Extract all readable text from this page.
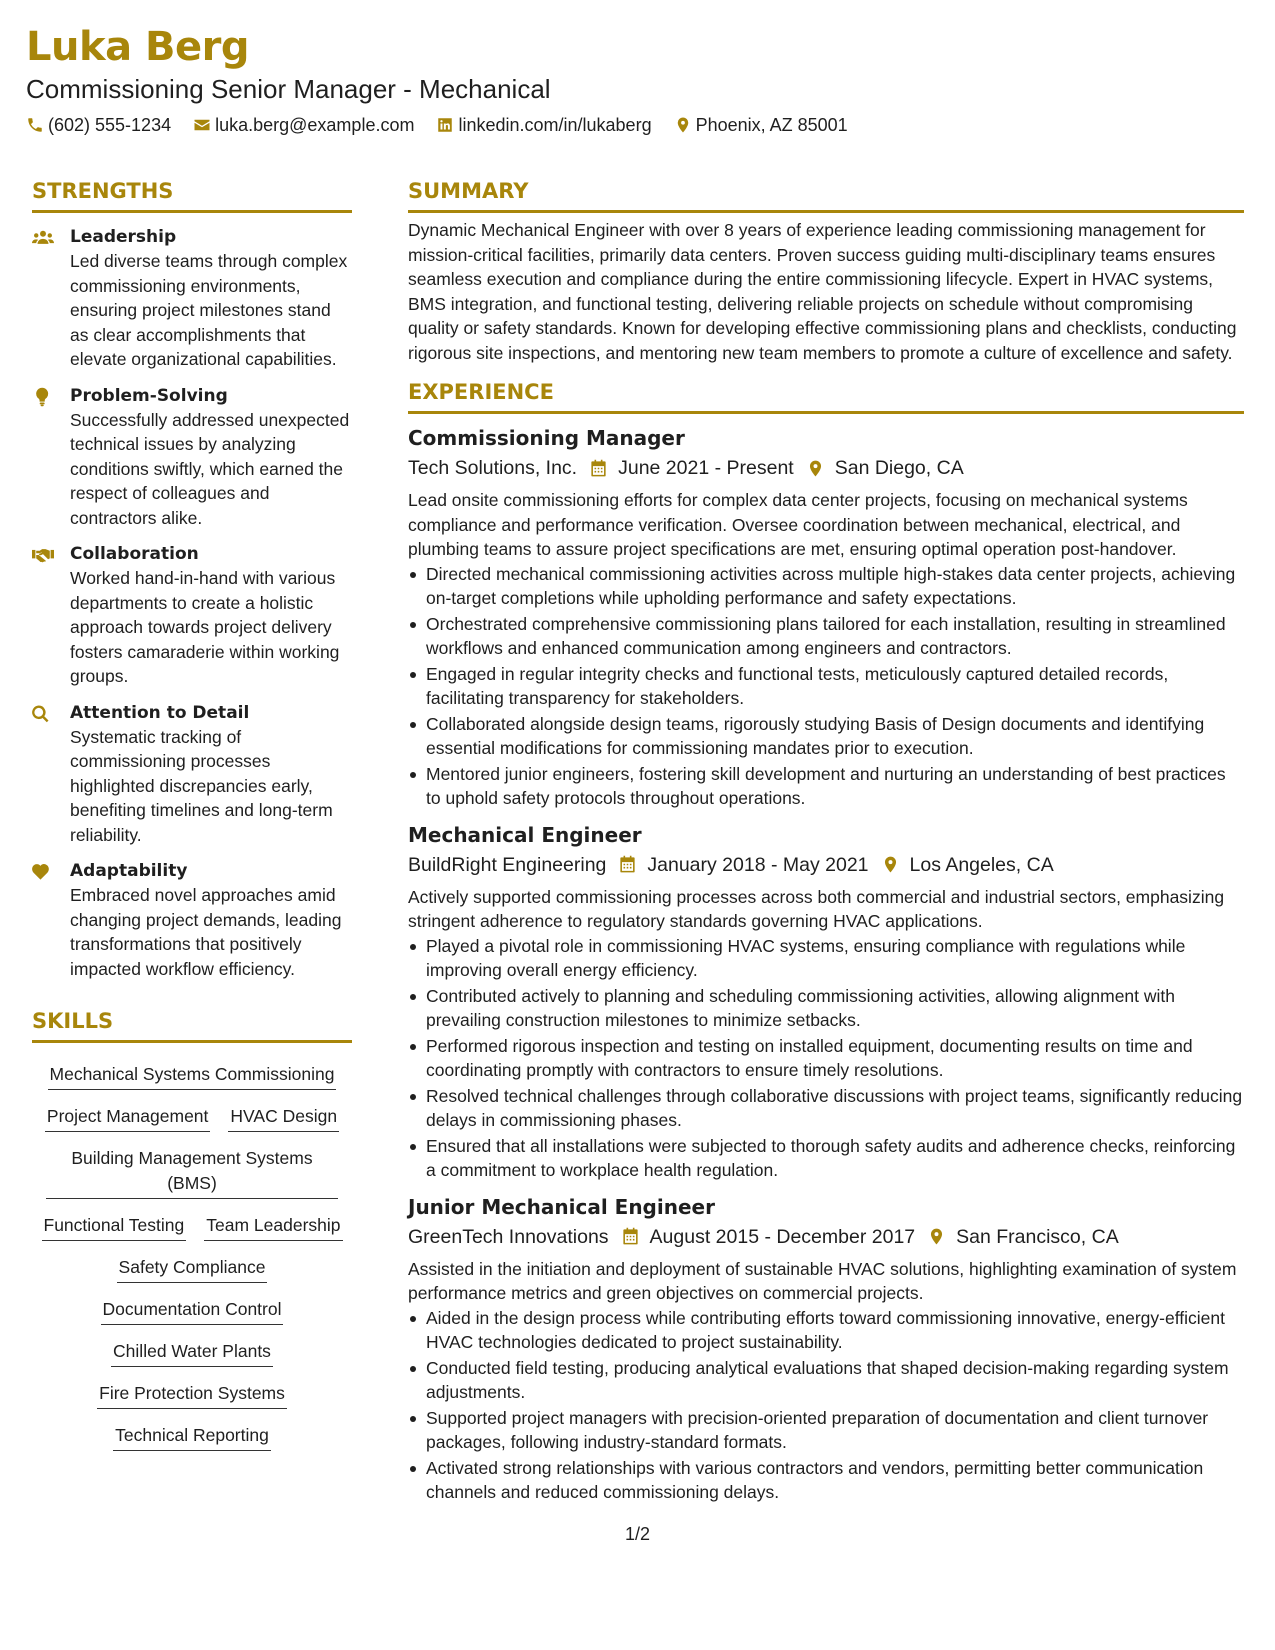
Luka Berg
Commissioning Senior Manager - Mechanical
(602) 555-1234 luka.berg@example.com linkedin.com/in/lukaberg Phoenix, AZ 85001
STRENGTHS
Leadership
Led diverse teams through complex commissioning environments, ensuring project milestones stand as clear accomplishments that elevate organizational capabilities.
Problem-Solving
Successfully addressed unexpected technical issues by analyzing conditions swiftly, which earned the respect of colleagues and contractors alike.
Collaboration
Worked hand-in-hand with various departments to create a holistic approach towards project delivery fosters camaraderie within working groups.
Attention to Detail
Systematic tracking of commissioning processes highlighted discrepancies early, benefiting timelines and long-term reliability.
Adaptability
Embraced novel approaches amid changing project demands, leading transformations that positively impacted workflow efficiency.
SKILLS
Mechanical Systems Commissioning
Project Management HVAC Design
Building Management Systems (BMS)
Functional Testing Team Leadership
Safety Compliance
Documentation Control
Chilled Water Plants
Fire Protection Systems
Technical Reporting
SUMMARY
Dynamic Mechanical Engineer with over 8 years of experience leading commissioning management for mission-critical facilities, primarily data centers. Proven success guiding multi-disciplinary teams ensures seamless execution and compliance during the entire commissioning lifecycle. Expert in HVAC systems, BMS integration, and functional testing, delivering reliable projects on schedule without compromising quality or safety standards. Known for developing effective commissioning plans and checklists, conducting rigorous site inspections, and mentoring new team members to promote a culture of excellence and safety.
EXPERIENCE
Commissioning Manager
Tech Solutions, Inc. June 2021 - Present San Diego, CA
Lead onsite commissioning efforts for complex data center projects, focusing on mechanical systems compliance and performance verification. Oversee coordination between mechanical, electrical, and plumbing teams to assure project specifications are met, ensuring optimal operation post-handover.
Directed mechanical commissioning activities across multiple high-stakes data center projects, achieving on-target completions while upholding performance and safety expectations.
Orchestrated comprehensive commissioning plans tailored for each installation, resulting in streamlined workflows and enhanced communication among engineers and contractors.
Engaged in regular integrity checks and functional tests, meticulously captured detailed records, facilitating transparency for stakeholders.
Collaborated alongside design teams, rigorously studying Basis of Design documents and identifying essential modifications for commissioning mandates prior to execution.
Mentored junior engineers, fostering skill development and nurturing an understanding of best practices to uphold safety protocols throughout operations.
Mechanical Engineer
BuildRight Engineering January 2018 - May 2021 Los Angeles, CA
Actively supported commissioning processes across both commercial and industrial sectors, emphasizing stringent adherence to regulatory standards governing HVAC applications.
Played a pivotal role in commissioning HVAC systems, ensuring compliance with regulations while improving overall energy efficiency.
Contributed actively to planning and scheduling commissioning activities, allowing alignment with prevailing construction milestones to minimize setbacks.
Performed rigorous inspection and testing on installed equipment, documenting results on time and coordinating promptly with contractors to ensure timely resolutions.
Resolved technical challenges through collaborative discussions with project teams, significantly reducing delays in commissioning phases.
Ensured that all installations were subjected to thorough safety audits and adherence checks, reinforcing a commitment to workplace health regulation.
Junior Mechanical Engineer
GreenTech Innovations August 2015 - December 2017 San Francisco, CA
Assisted in the initiation and deployment of sustainable HVAC solutions, highlighting examination of system performance metrics and green objectives on commercial projects.
Aided in the design process while contributing efforts toward commissioning innovative, energy-efficient HVAC technologies dedicated to project sustainability.
Conducted field testing, producing analytical evaluations that shaped decision-making regarding system adjustments.
Supported project managers with precision-oriented preparation of documentation and client turnover packages, following industry-standard formats.
Activated strong relationships with various contractors and vendors, permitting better communication channels and reduced commissioning delays.
1/2
